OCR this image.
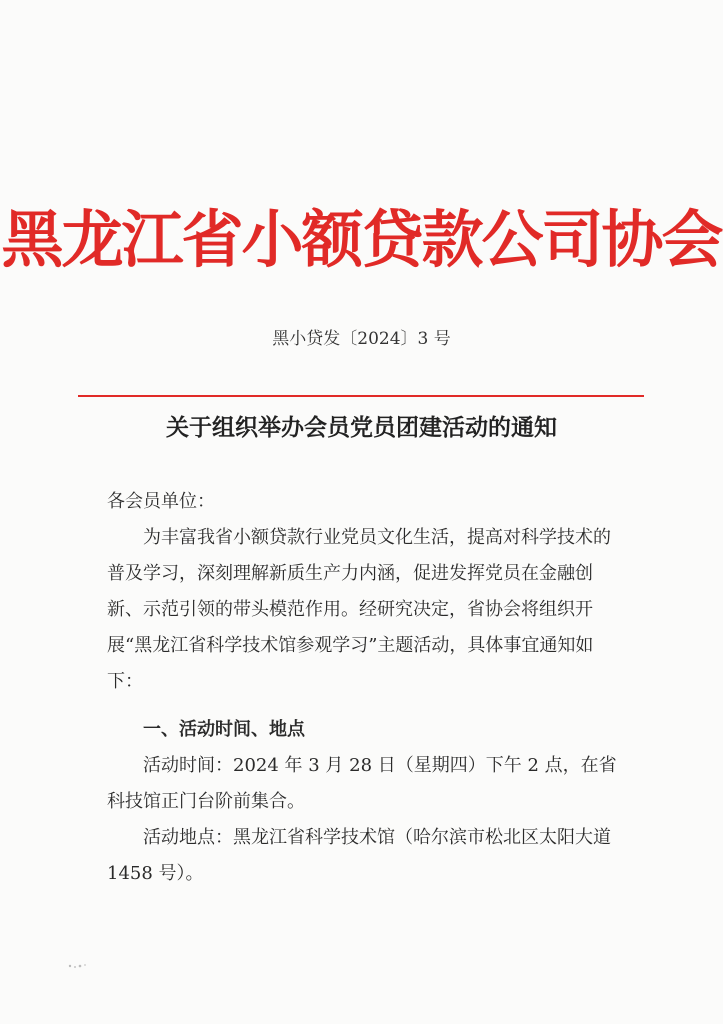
黑龙江省小额贷款公司协会
黑小贷发〔2024〕3 号
关于组织举办会员党员团建活动的通知
各会员单位：
为丰富我省小额贷款行业党员文化生活，提高对科学技术的普及学习，深刻理解新质生产力内涵，促进发挥党员在金融创新、示范引领的带头模范作用。经研究决定，省协会将组织开展“黑龙江省科学技术馆参观学习”主题活动，具体事宜通知如下：
一、活动时间、地点
活动时间：2024 年 3 月 28 日（星期四）下午 2 点，在省科技馆正门台阶前集合。
活动地点：黑龙江省科学技术馆（哈尔滨市松北区太阳大道 1458 号）。
